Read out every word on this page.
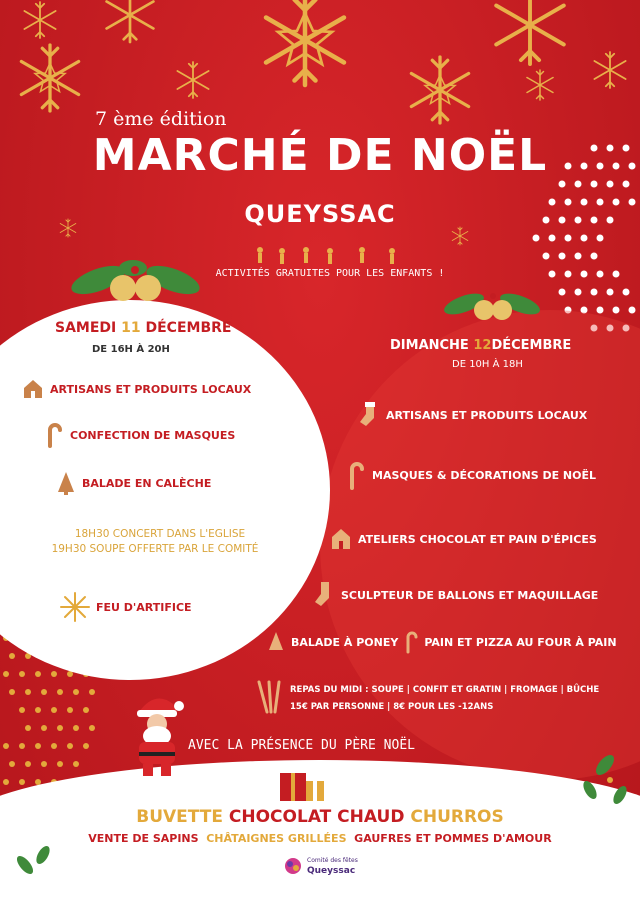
7 ème édition
MARCHÉ DE NOËL
QUEYSSAC
ACTIVITÉS GRATUITES POUR LES ENFANTS !
SAMEDI 11 DÉCEMBRE
DE 16H À 20H
ARTISANS ET PRODUITS LOCAUX
CONFECTION DE MASQUES
BALADE EN CALÈCHE
18H30 CONCERT DANS L'EGLISE
19H30 SOUPE OFFERTE PAR LE COMITÉ
FEU D'ARTIFICE
DIMANCHE 12DÉCEMBRE
DE 10H À 18H
ARTISANS ET PRODUITS LOCAUX
MASQUES & DÉCORATIONS DE NOËL
ATELIERS CHOCOLAT ET PAIN D'ÉPICES
SCULPTEUR DE BALLONS ET MAQUILLAGE
BALADE À PONEY PAIN ET PIZZA AU FOUR À PAIN
REPAS DU MIDI : SOUPE | CONFIT ET GRATIN | FROMAGE | BÛCHE
15€ PAR PERSONNE | 8€ POUR LES -12ANS
AVEC LA PRÉSENCE DU PÈRE NOËL
BUVETTE CHOCOLAT CHAUD CHURROS
VENTE DE SAPINS CHÂTAIGNES GRILLÉES GAUFRES ET POMMES D'AMOUR
Comité des fêtes
Queyssac
